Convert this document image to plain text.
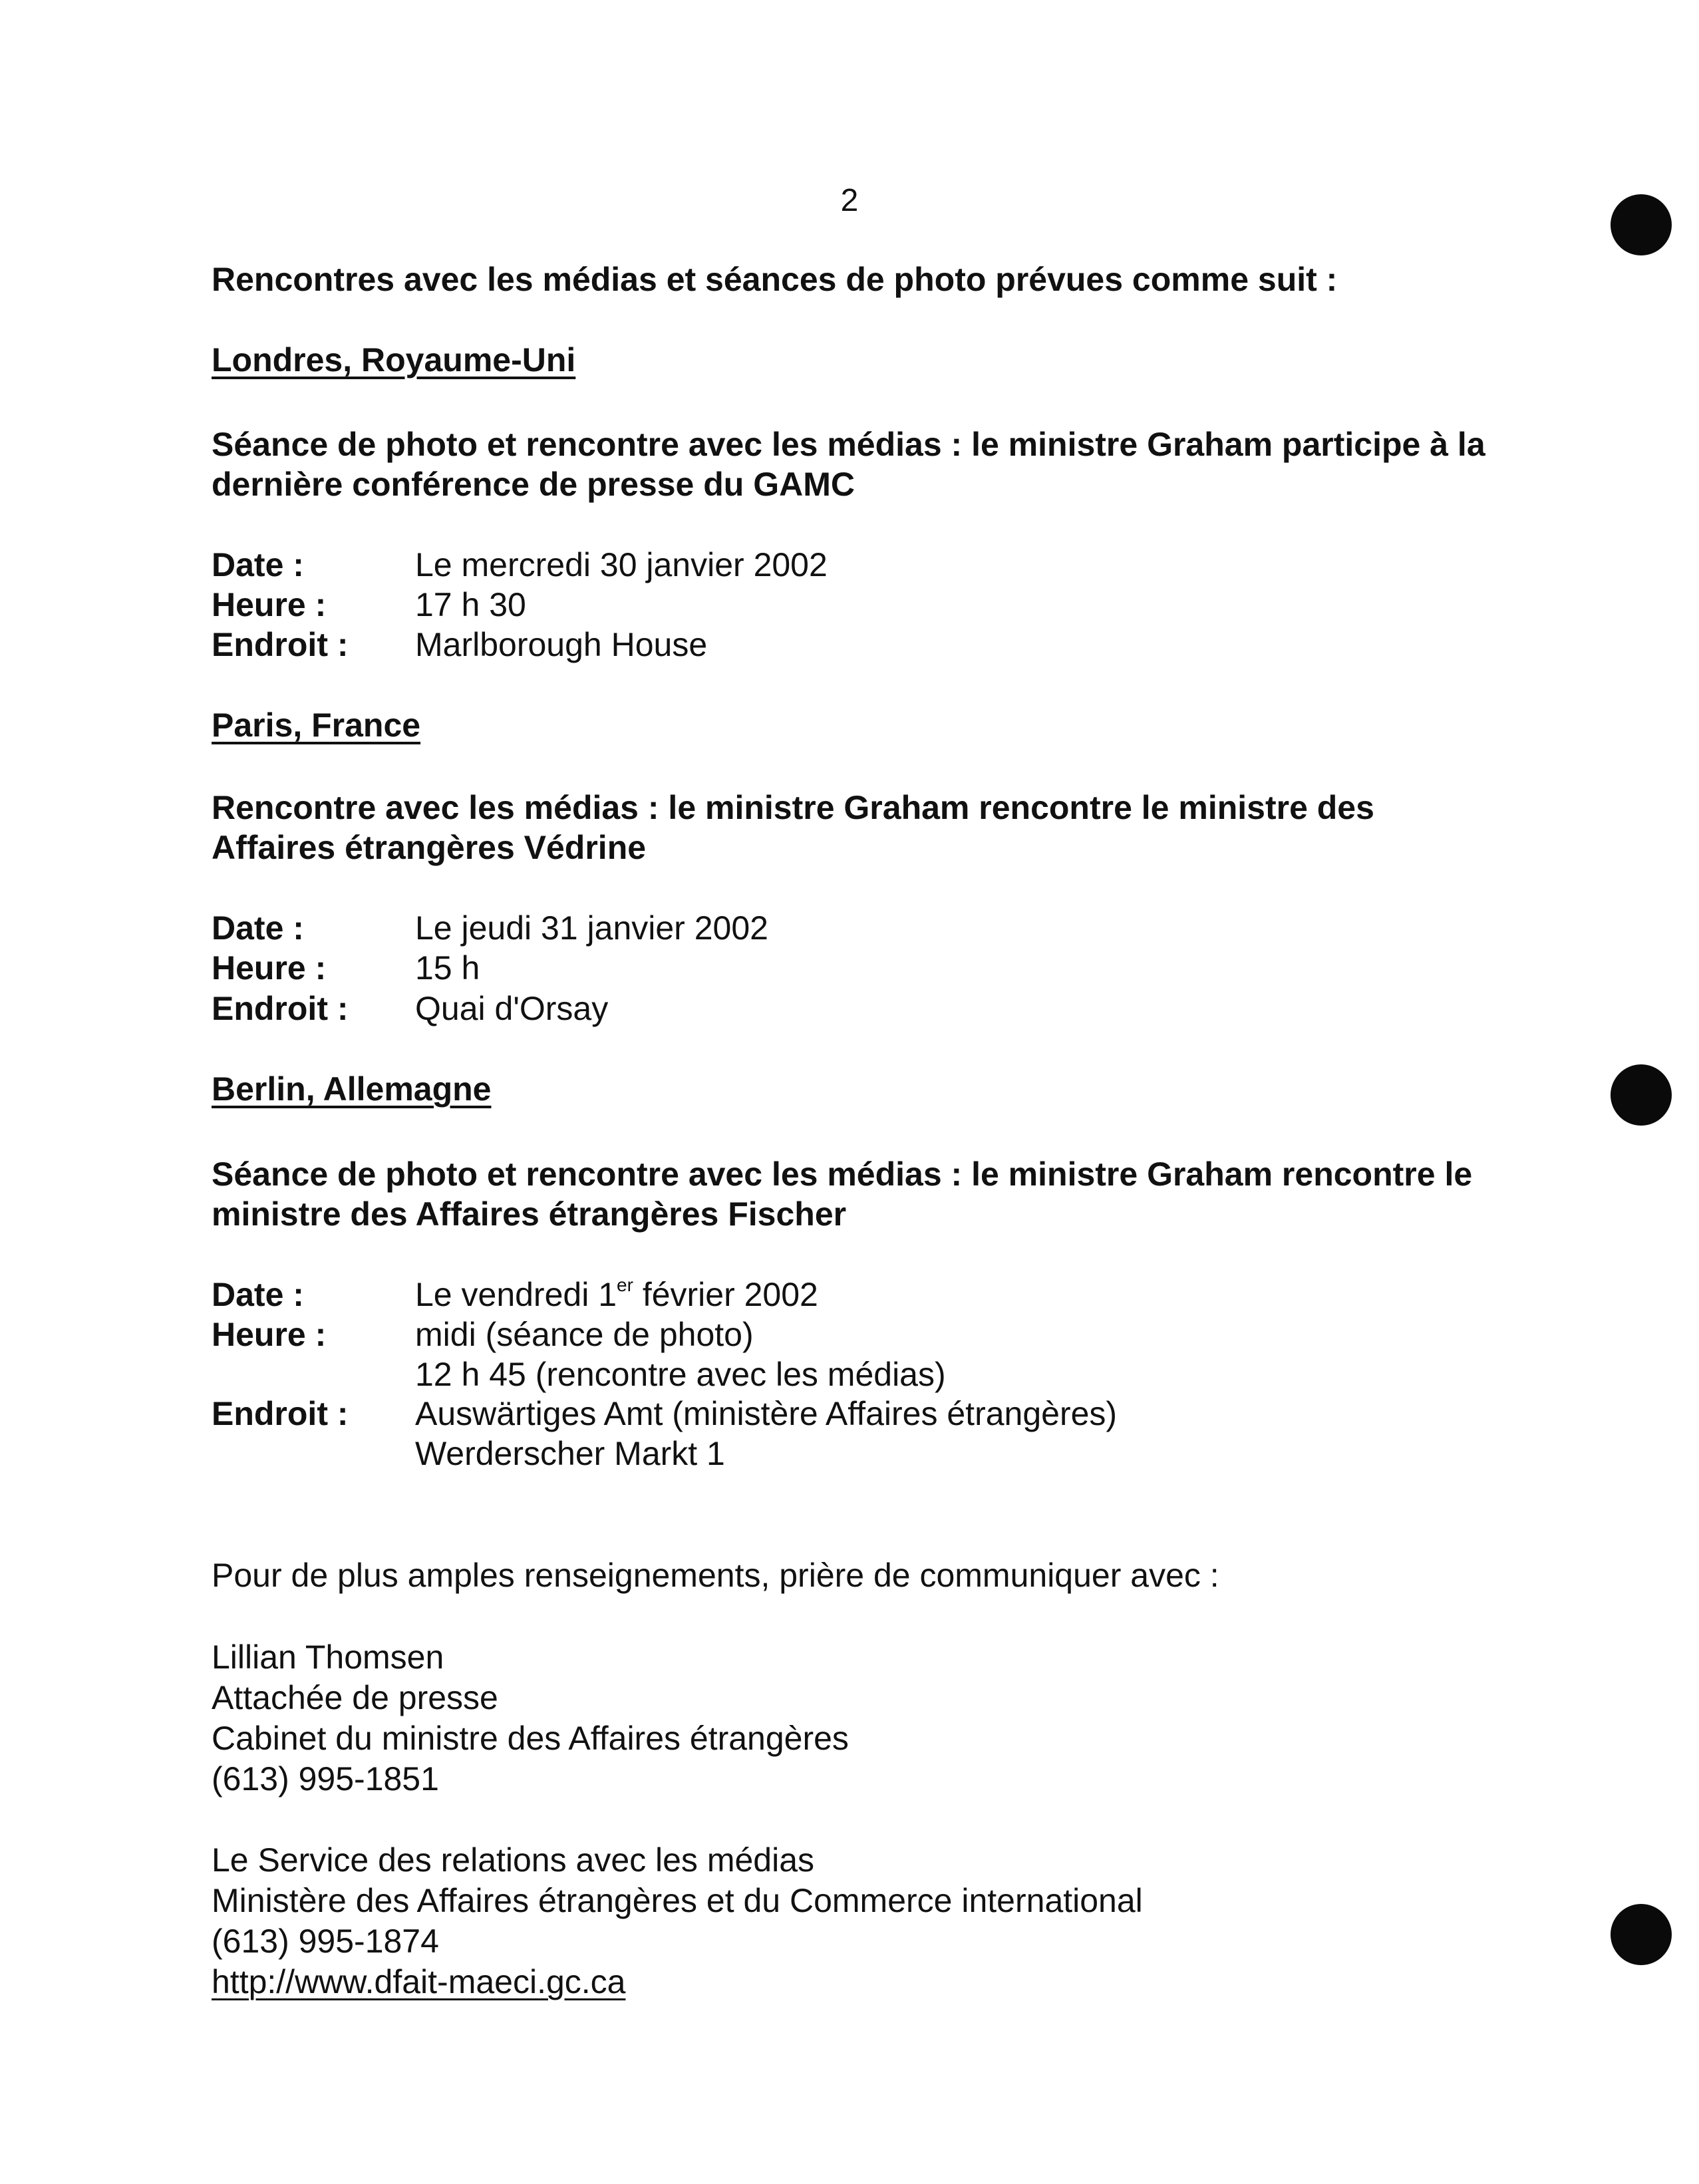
2
Rencontres avec les médias et séances de photo prévues comme suit :
Londres, Royaume-Uni
Séance de photo et rencontre avec les médias : le ministre Graham participe à la
dernière conférence de presse du GAMC
Date :	Le mercredi 30 janvier 2002
Heure :	17 h 30
Endroit : Marlborough House
Paris, France
Rencontre avec les médias : le ministre Graham rencontre le ministre des
Affaires étrangères Védrine
Date :	Le jeudi 31 janvier 2002
Heure :	15 h
Endroit : Quai d'Orsay
Berlin, Allemagne
Séance de photo et rencontre avec les médias : le ministre Graham rencontre le
ministre des Affaires étrangères Fischer
Date :	Le vendredi 1er février 2002
Heure :	midi (séance de photo)
12 h 45 (rencontre avec les médias)
Endroit : Auswärtiges Amt (ministère Affaires étrangères)
Werderscher Markt 1
Pour de plus amples renseignements, prière de communiquer avec :
Lillian Thomsen
Attachée de presse
Cabinet du ministre des Affaires étrangères
(613) 995-1851
Le Service des relations avec les médias
Ministère des Affaires étrangères et du Commerce international
(613) 995-1874
http://www.dfait-maeci.gc.ca
